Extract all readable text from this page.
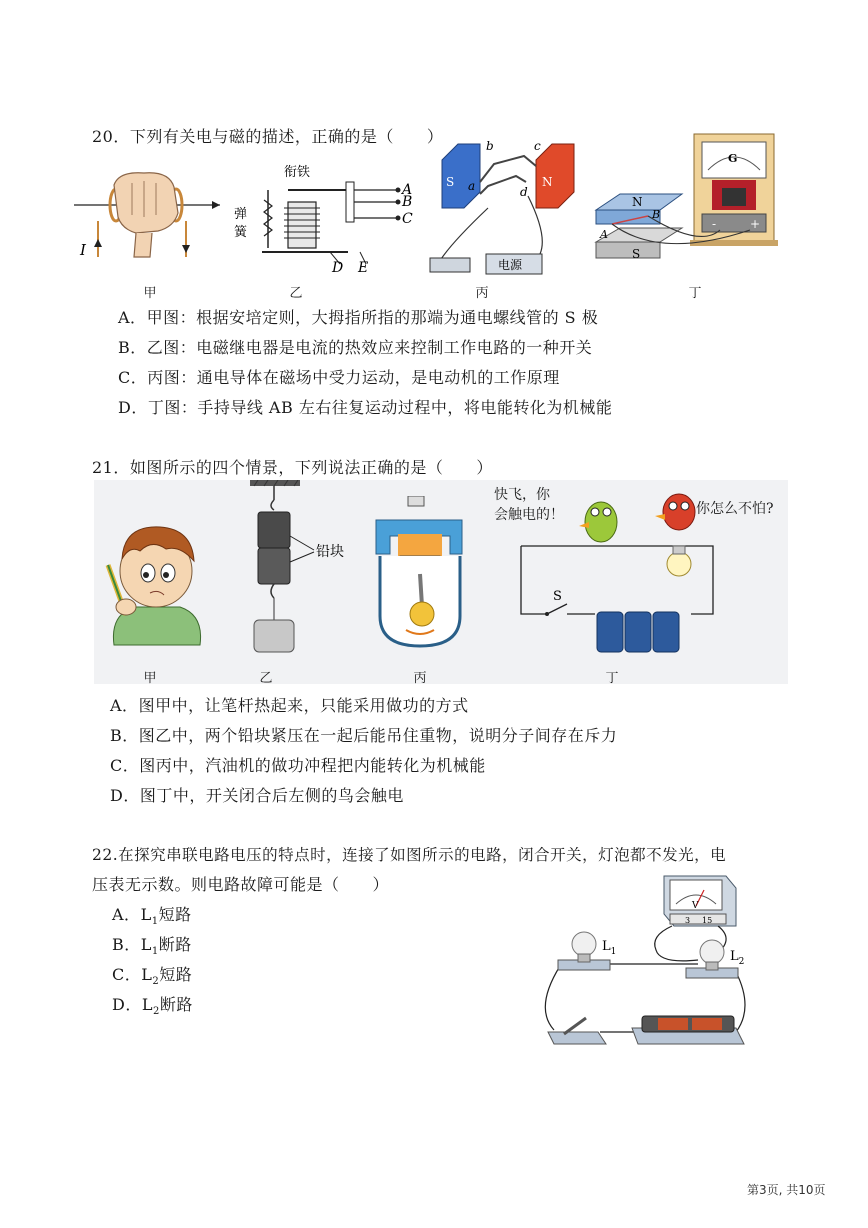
20．下列有关电与磁的描述，正确的是（　　）
I
衔铁
A
B
C
D E
弹
簧
S	N
a
b	c
d
电源
G
-	+
N
S
A
B
甲	乙	丙	丁
A．甲图：根据安培定则，大拇指所指的那端为通电螺线管的 S 极
B．乙图：电磁继电器是电流的热效应来控制工作电路的一种开关
C．丙图：通电导体在磁场中受力运动，是电动机的工作原理
D．丁图：手持导线 AB 左右往复运动过程中，将电能转化为机械能
21．如图所示的四个情景，下列说法正确的是（　　）
铅块
快飞，你
会触电的！	你怎么不怕?
S
甲	乙	丙	丁
A．图甲中，让笔杆热起来，只能采用做功的方式
B．图乙中，两个铅块紧压在一起后能吊住重物，说明分子间存在斥力
C．图丙中，汽油机的做功冲程把内能转化为机械能
D．图丁中，开关闭合后左侧的鸟会触电
22.在探究串联电路电压的特点时，连接了如图所示的电路，闭合开关，灯泡都不发光，电
压表无示数。则电路故障可能是（　　）
A．$L_1$短路
B．$L_1$断路
C．$L_2$短路
D．$L_2$断路
V
3 15
$L_1$	$L_2$
第3页, 共10页
